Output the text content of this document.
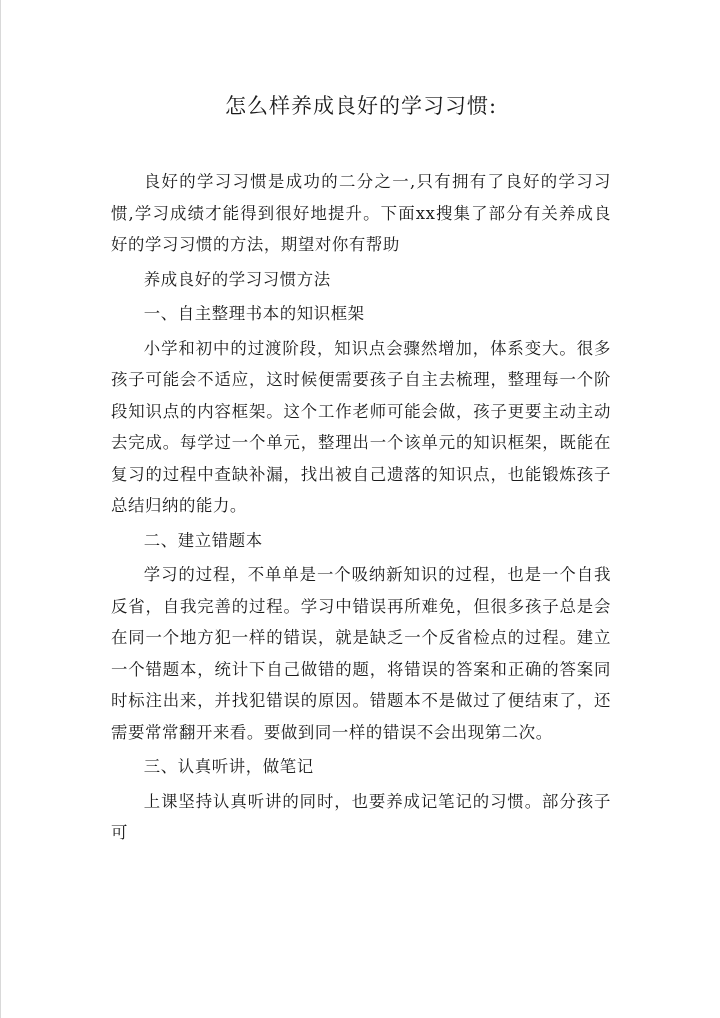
怎么样养成良好的学习习惯:

良好的学习习惯是成功的二分之一,只有拥有了良好的学习习惯,学习成绩才能得到很好地提升。下面xx搜集了部分有关养成良好的学习习惯的方法，期望对你有帮助

养成良好的学习习惯方法

一、自主整理书本的知识框架

小学和初中的过渡阶段，知识点会骤然增加，体系变大。很多孩子可能会不适应，这时候便需要孩子自主去梳理，整理每一个阶段知识点的内容框架。这个工作老师可能会做，孩子更要主动主动去完成。每学过一个单元，整理出一个该单元的知识框架，既能在复习的过程中查缺补漏，找出被自己遗落的知识点，也能锻炼孩子总结归纳的能力。

二、建立错题本

学习的过程，不单单是一个吸纳新知识的过程，也是一个自我反省，自我完善的过程。学习中错误再所难免，但很多孩子总是会在同一个地方犯一样的错误，就是缺乏一个反省检点的过程。建立一个错题本，统计下自己做错的题，将错误的答案和正确的答案同时标注出来，并找犯错误的原因。错题本不是做过了便结束了，还需要常常翻开来看。要做到同一样的错误不会出现第二次。

三、认真听讲，做笔记

上课坚持认真听讲的同时，也要养成记笔记的习惯。部分孩子可
